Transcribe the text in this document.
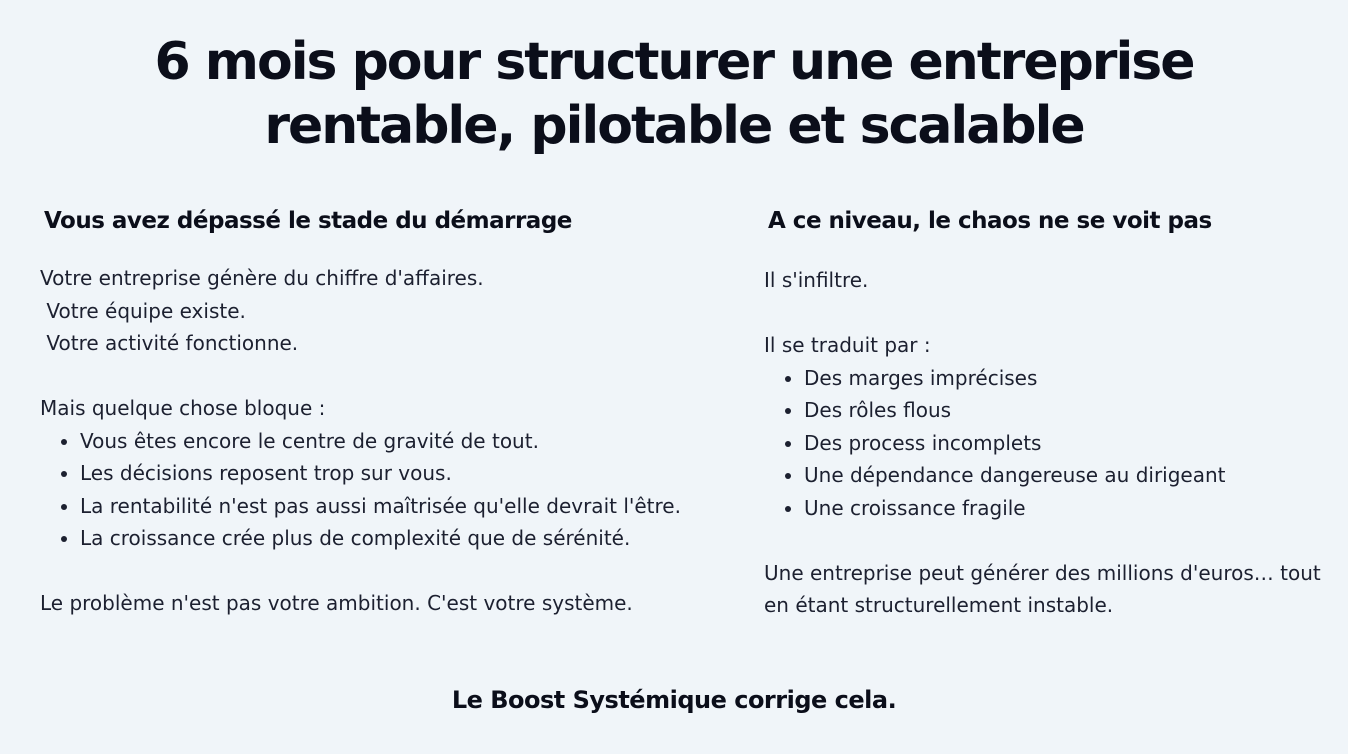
6 mois pour structurer une entreprise
rentable, pilotable et scalable
Vous avez dépassé le stade du démarrage

Votre entreprise génère du chiffre d'affaires.

Votre équipe existe.

Votre activité fonctionne.

Mais quelque chose bloque :

• Vous êtes encore le centre de gravité de tout.
• Les décisions reposent trop sur vous.
• La rentabilité n'est pas aussi maîtrisée qu'elle devrait l'être.
• La croissance crée plus de complexité que de sérénité.

Le problème n'est pas votre ambition. C'est votre système.

A ce niveau, le chaos ne se voit pas

Il s'infiltre.

Il se traduit par :

• Des marges imprécises
• Des rôles flous
• Des process incomplets
• Une dépendance dangereuse au dirigeant
• Une croissance fragile

Une entreprise peut générer des millions d'euros… tout en étant structurellement instable.

Le Boost Systémique corrige cela.
